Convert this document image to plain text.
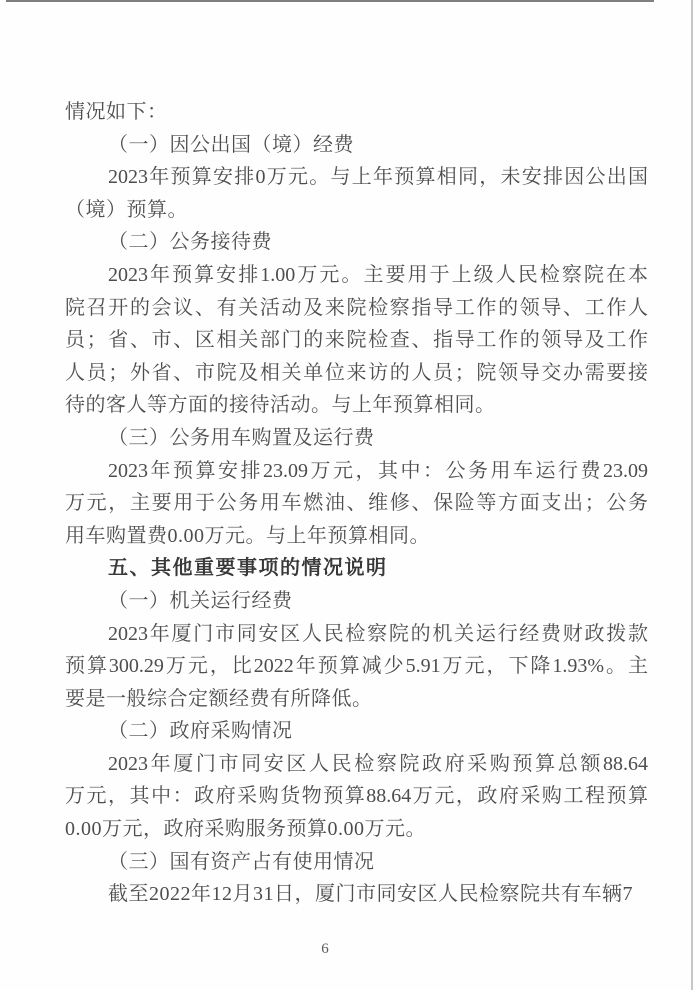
情况如下：
（一）因公出国（境）经费
2023年预算安排0万元。与上年预算相同，未安排因公出国
（境）预算。
（二）公务接待费
2023年预算安排1.00万元。主要用于上级人民检察院在本
院召开的会议、有关活动及来院检察指导工作的领导、工作人
员；省、市、区相关部门的来院检查、指导工作的领导及工作
人员；外省、市院及相关单位来访的人员；院领导交办需要接
待的客人等方面的接待活动。与上年预算相同。
（三）公务用车购置及运行费
2023年预算安排23.09万元，其中：公务用车运行费23.09
万元，主要用于公务用车燃油、维修、保险等方面支出；公务
用车购置费0.00万元。与上年预算相同。
五、其他重要事项的情况说明
（一）机关运行经费
2023年厦门市同安区人民检察院的机关运行经费财政拨款
预算300.29万元，比2022年预算减少5.91万元，下降1.93%。主
要是一般综合定额经费有所降低。
（二）政府采购情况
2023年厦门市同安区人民检察院政府采购预算总额88.64
万元，其中：政府采购货物预算88.64万元，政府采购工程预算
0.00万元，政府采购服务预算0.00万元。
（三）国有资产占有使用情况
截至2022年12月31日，厦门市同安区人民检察院共有车辆7
6
